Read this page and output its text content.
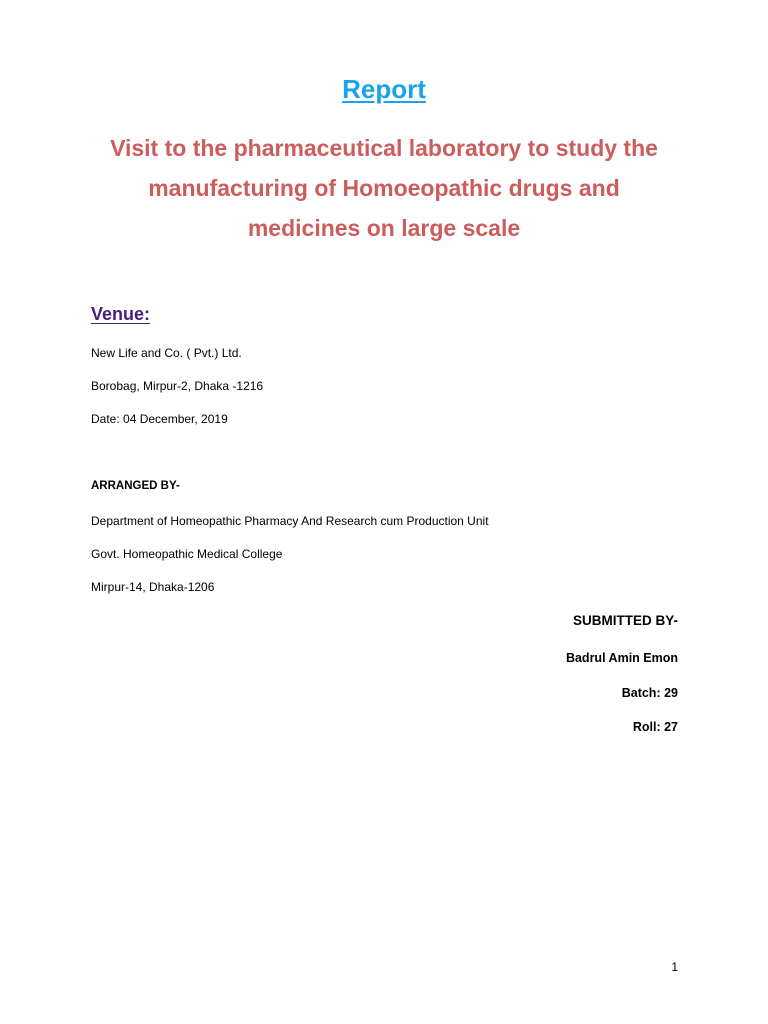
Report
Visit to the pharmaceutical laboratory to study the
manufacturing of Homoeopathic drugs and
medicines on large scale
Venue:
New Life and Co. ( Pvt.) Ltd.
Borobag, Mirpur-2, Dhaka -1216
Date: 04 December, 2019
ARRANGED BY-
Department of Homeopathic Pharmacy And Research cum Production Unit
Govt. Homeopathic Medical College
Mirpur-14, Dhaka-1206
SUBMITTED BY-
Badrul Amin Emon
Batch: 29
Roll: 27
1
